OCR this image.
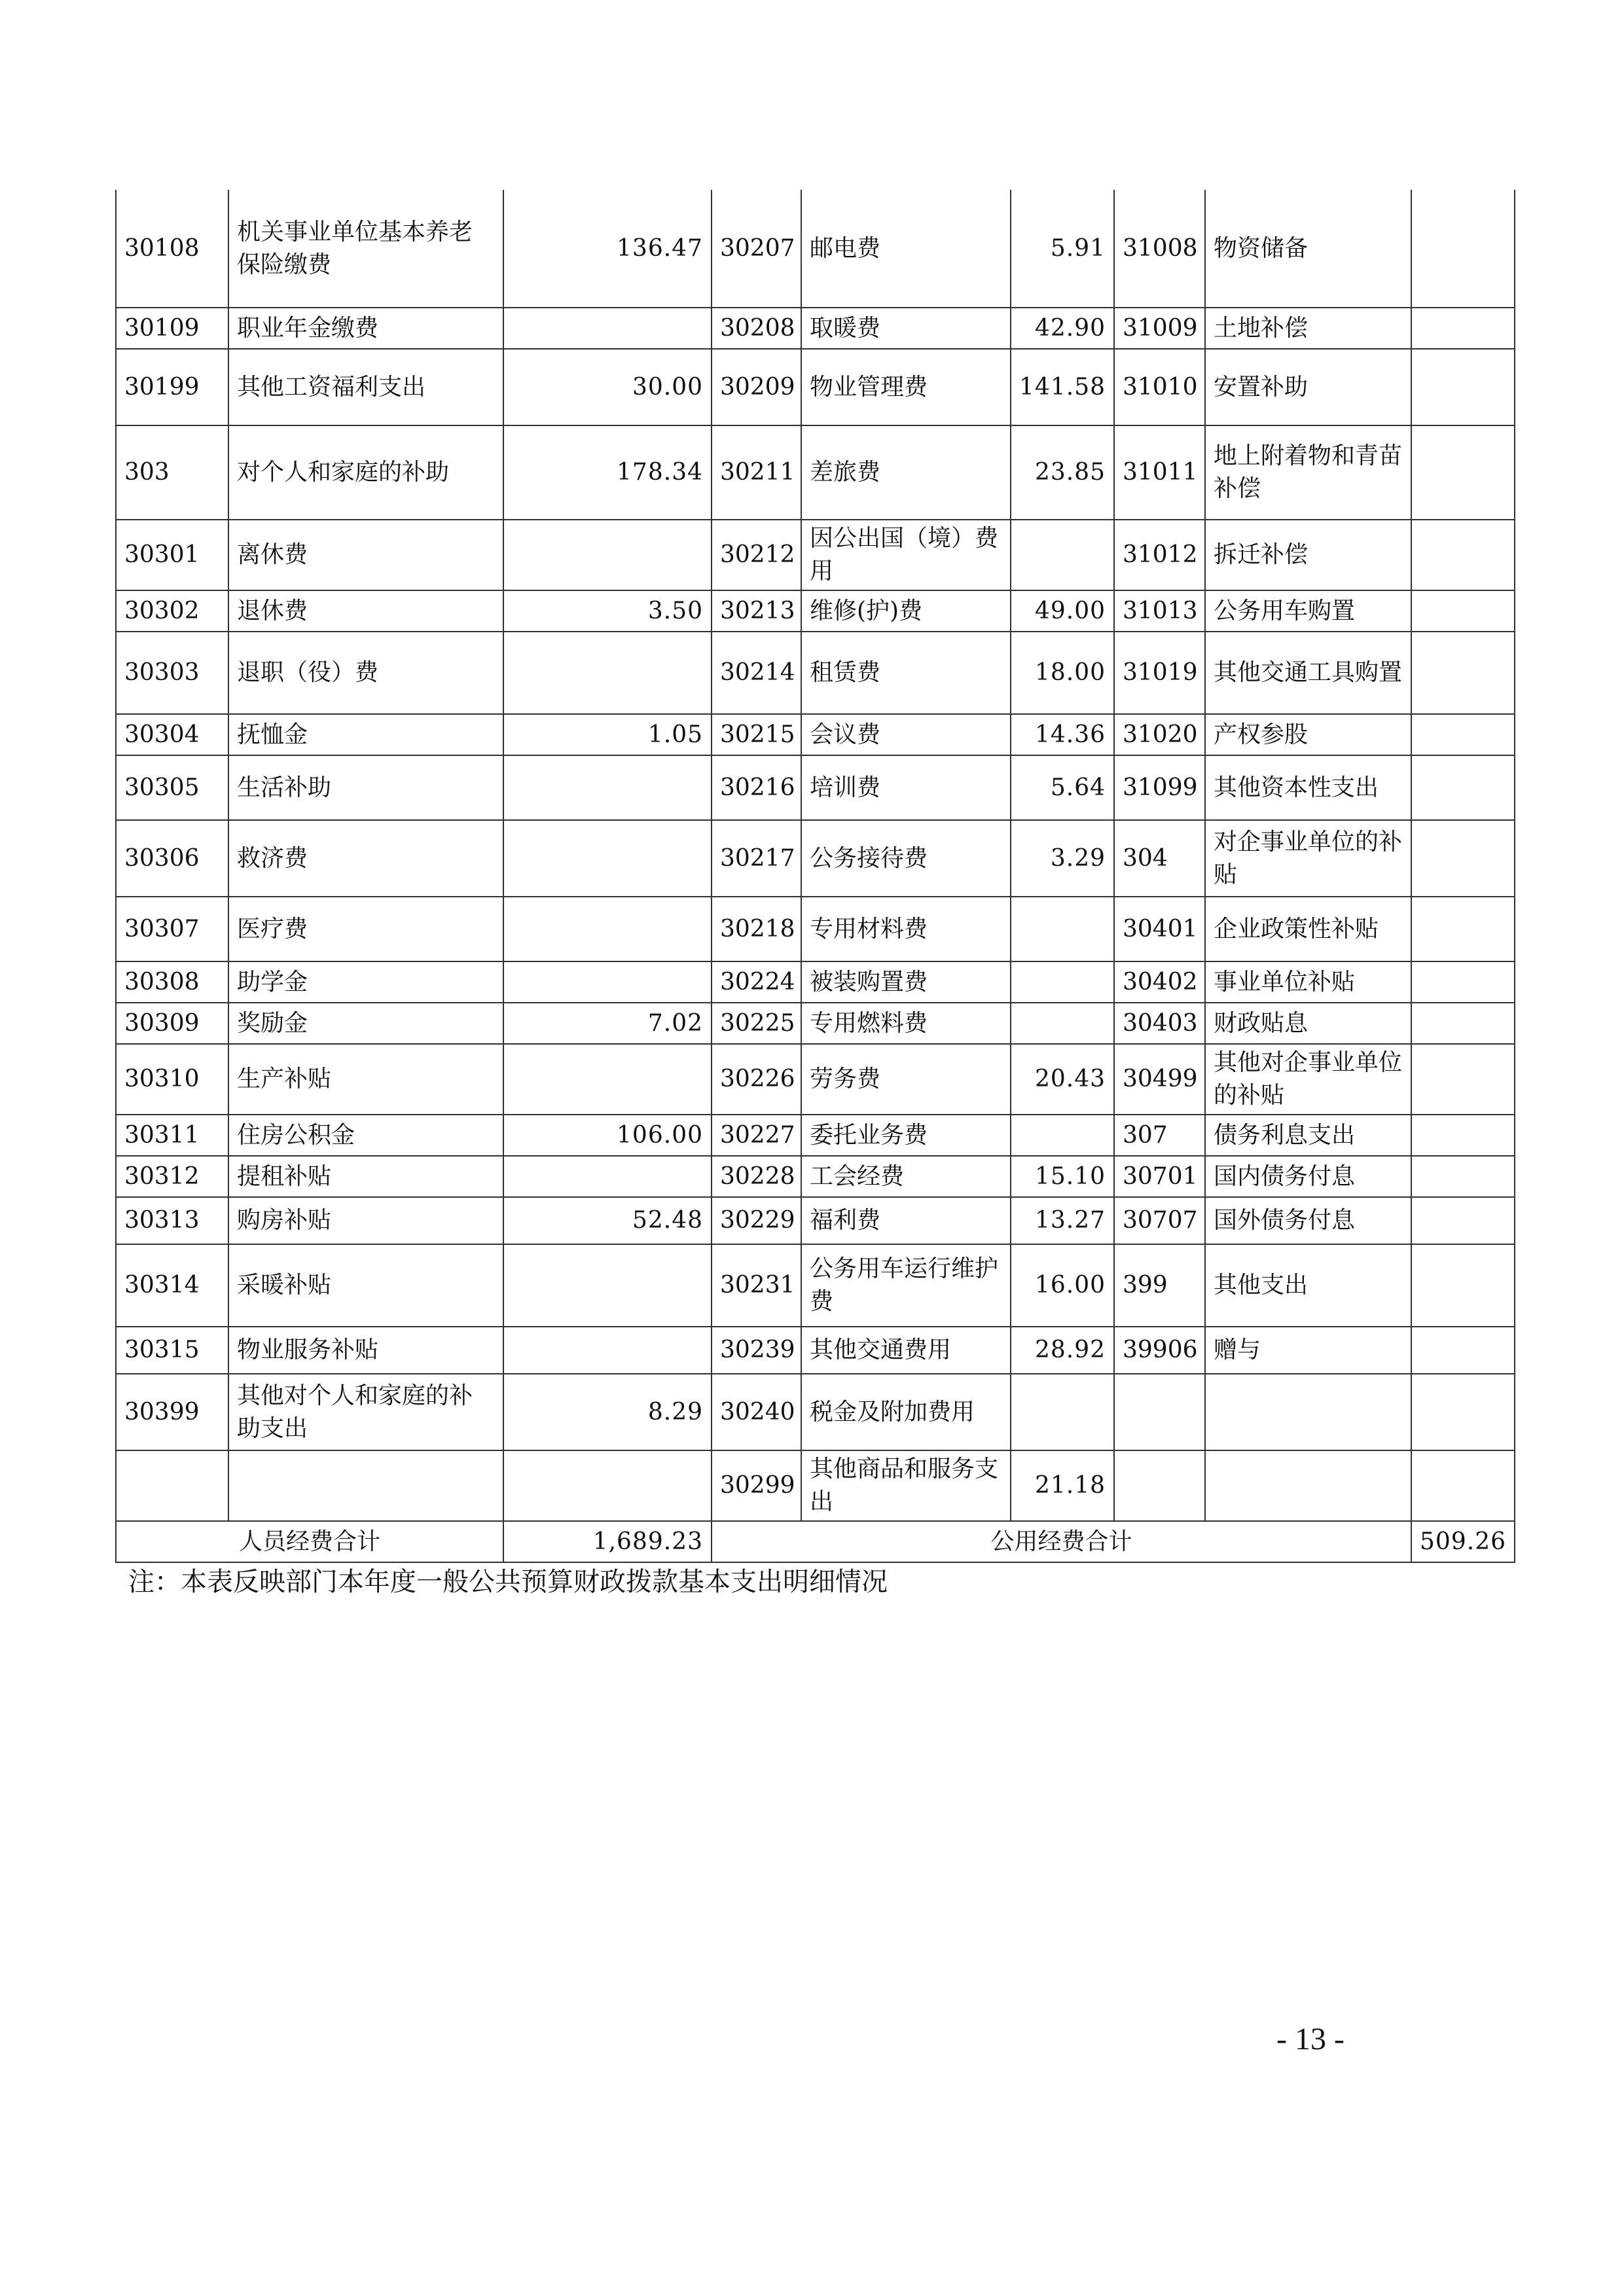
30108	机关事业单位基本养老保险缴费	136.47	30207	邮电费	5.91	31008	物资储备	
30109	职业年金缴费		30208	取暖费	42.90	31009	土地补偿	
30199	其他工资福利支出	30.00	30209	物业管理费	141.58	31010	安置补助	
303	对个人和家庭的补助	178.34	30211	差旅费	23.85	31011	地上附着物和青苗补偿	
30301	离休费		30212	因公出国（境）费用		31012	拆迁补偿	
30302	退休费	3.50	30213	维修(护)费	49.00	31013	公务用车购置	
30303	退职（役）费		30214	租赁费	18.00	31019	其他交通工具购置	
30304	抚恤金	1.05	30215	会议费	14.36	31020	产权参股	
30305	生活补助		30216	培训费	5.64	31099	其他资本性支出	
30306	救济费		30217	公务接待费	3.29	304	对企事业单位的补贴	
30307	医疗费		30218	专用材料费		30401	企业政策性补贴	
30308	助学金		30224	被装购置费		30402	事业单位补贴	
30309	奖励金	7.02	30225	专用燃料费		30403	财政贴息	
30310	生产补贴		30226	劳务费	20.43	30499	其他对企事业单位的补贴	
30311	住房公积金	106.00	30227	委托业务费		307	债务利息支出	
30312	提租补贴		30228	工会经费	15.10	30701	国内债务付息	
30313	购房补贴	52.48	30229	福利费	13.27	30707	国外债务付息	
30314	采暖补贴		30231	公务用车运行维护费	16.00	399	其他支出	
30315	物业服务补贴		30239	其他交通费用	28.92	39906	赠与	
30399	其他对个人和家庭的补助支出	8.29	30240	税金及附加费用				
			30299	其他商品和服务支出	21.18			
人员经费合计		1,689.23	公用经费合计					509.26
注：本表反映部门本年度一般公共预算财政拨款基本支出明细情况
- 13 -
